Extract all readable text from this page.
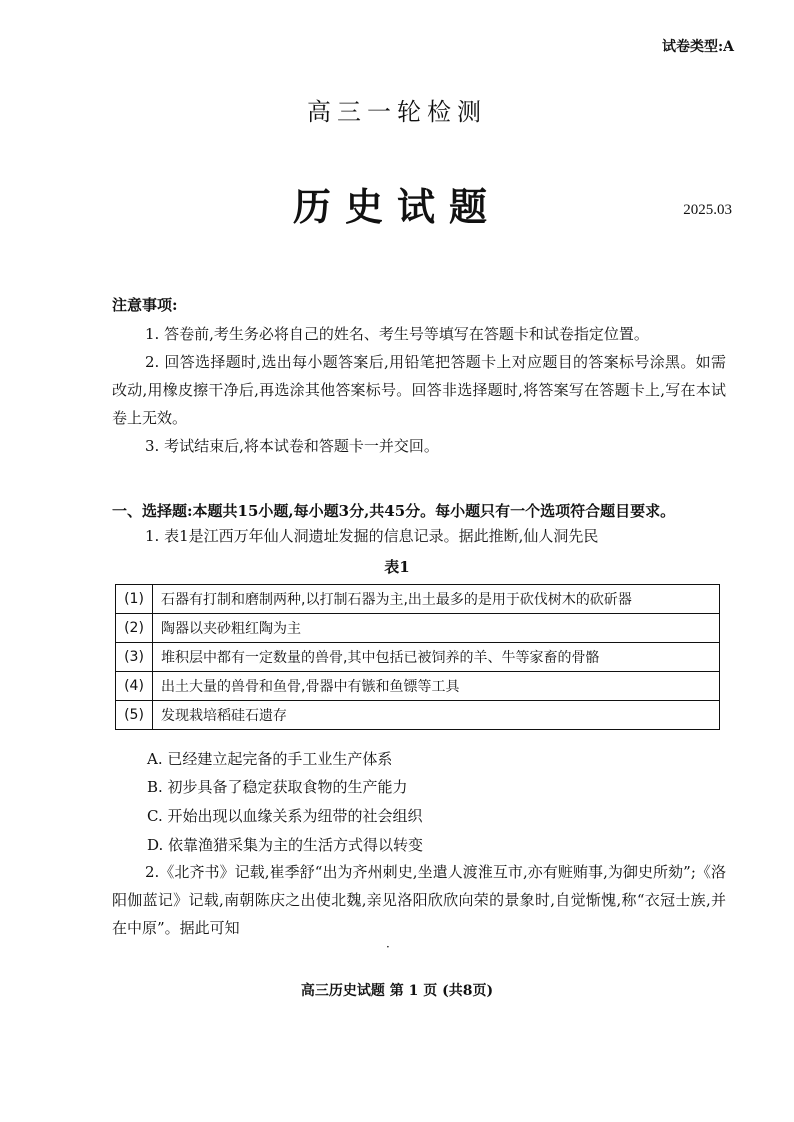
试卷类型:A
高三一轮检测
历史试题	2025.03
注意事项:
1. 答卷前,考生务必将自己的姓名、考生号等填写在答题卡和试卷指定位置。
2. 回答选择题时,选出每小题答案后,用铅笔把答题卡上对应题目的答案标号涂黑。如需改动,用橡皮擦干净后,再选涂其他答案标号。回答非选择题时,将答案写在答题卡上,写在本试卷上无效。
3. 考试结束后,将本试卷和答题卡一并交回。
一、选择题:本题共15小题,每小题3分,共45分。每小题只有一个选项符合题目要求。
1. 表1是江西万年仙人洞遗址发掘的信息记录。据此推断,仙人洞先民
表1
(1)	石器有打制和磨制两种,以打制石器为主,出土最多的是用于砍伐树木的砍斫器
(2)	陶器以夹砂粗红陶为主
(3)	堆积层中都有一定数量的兽骨,其中包括已被饲养的羊、牛等家畜的骨骼
(4)	出土大量的兽骨和鱼骨,骨器中有镞和鱼镖等工具
(5)	发现栽培稻硅石遗存
A. 已经建立起完备的手工业生产体系
B. 初步具备了稳定获取食物的生产能力
C. 开始出现以血缘关系为纽带的社会组织
D. 依靠渔猎采集为主的生活方式得以转变
2.《北齐书》记载,崔季舒“出为齐州刺史,坐遣人渡淮互市,亦有赃贿事,为御史所劾”;《洛阳伽蓝记》记载,南朝陈庆之出使北魏,亲见洛阳欣欣向荣的景象时,自觉惭愧,称“衣冠士族,并在中原”。据此可知
·
高三历史试题 第 1 页 (共8页)
